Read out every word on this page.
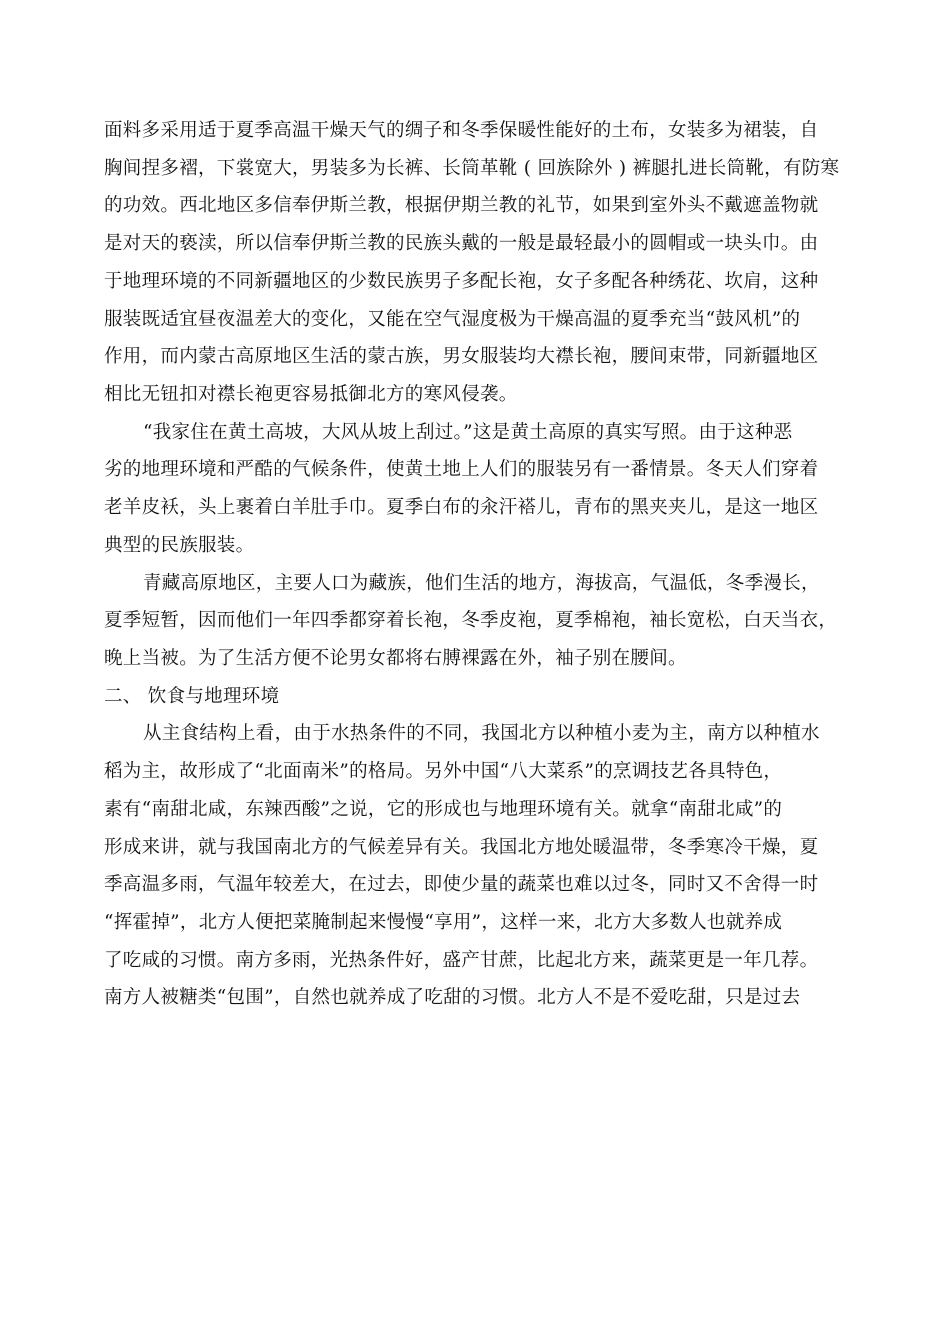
面料多采用适于夏季高温干燥天气的绸子和冬季保暖性能好的土布，女装多为裙装，自

胸间捏多褶，下裳宽大，男装多为长裤、长筒革靴 ( 回族除外 ) 裤腿扎进长筒靴，有防寒

的功效。西北地区多信奉伊斯兰教，根据伊期兰教的礼节，如果到室外头不戴遮盖物就

是对天的亵渎，所以信奉伊斯兰教的民族头戴的一般是最轻最小的圆帽或一块头巾。由

于地理环境的不同新疆地区的少数民族男子多配长袍，女子多配各种绣花、坎肩，这种

服装既适宜昼夜温差大的变化，又能在空气湿度极为干燥高温的夏季充当“鼓风机”的

作用，而内蒙古高原地区生活的蒙古族，男女服装均大襟长袍，腰间束带，同新疆地区

相比无钮扣对襟长袍更容易抵御北方的寒风侵袭。

“我家住在黄土高坡，大风从坡上刮过。”这是黄土高原的真实写照。由于这种恶

劣的地理环境和严酷的气候条件，使黄土地上人们的服装另有一番情景。冬天人们穿着

老羊皮袄，头上裹着白羊肚手巾。夏季白布的汆汗褡儿，青布的黑夹夹儿，是这一地区

典型的民族服装。

青藏高原地区，主要人口为藏族，他们生活的地方，海拔高，气温低，冬季漫长，

夏季短暂，因而他们一年四季都穿着长袍，冬季皮袍，夏季棉袍，袖长宽松，白天当衣，

晚上当被。为了生活方便不论男女都将右膊裸露在外，袖子别在腰间。

二、 饮食与地理环境

从主食结构上看，由于水热条件的不同，我国北方以种植小麦为主，南方以种植水

稻为主，故形成了“北面南米”的格局。另外中国“八大菜系”的烹调技艺各具特色，

素有“南甜北咸，东辣西酸”之说，它的形成也与地理环境有关。就拿“南甜北咸”的

形成来讲，就与我国南北方的气候差异有关。我国北方地处暖温带，冬季寒冷干燥，夏

季高温多雨，气温年较差大，在过去，即使少量的蔬菜也难以过冬，同时又不舍得一时

“挥霍掉”，北方人便把菜腌制起来慢慢“享用”，这样一来，北方大多数人也就养成

了吃咸的习惯。南方多雨，光热条件好，盛产甘蔗，比起北方来，蔬菜更是一年几荐。

南方人被糖类“包围”，自然也就养成了吃甜的习惯。北方人不是不爱吃甜，只是过去
